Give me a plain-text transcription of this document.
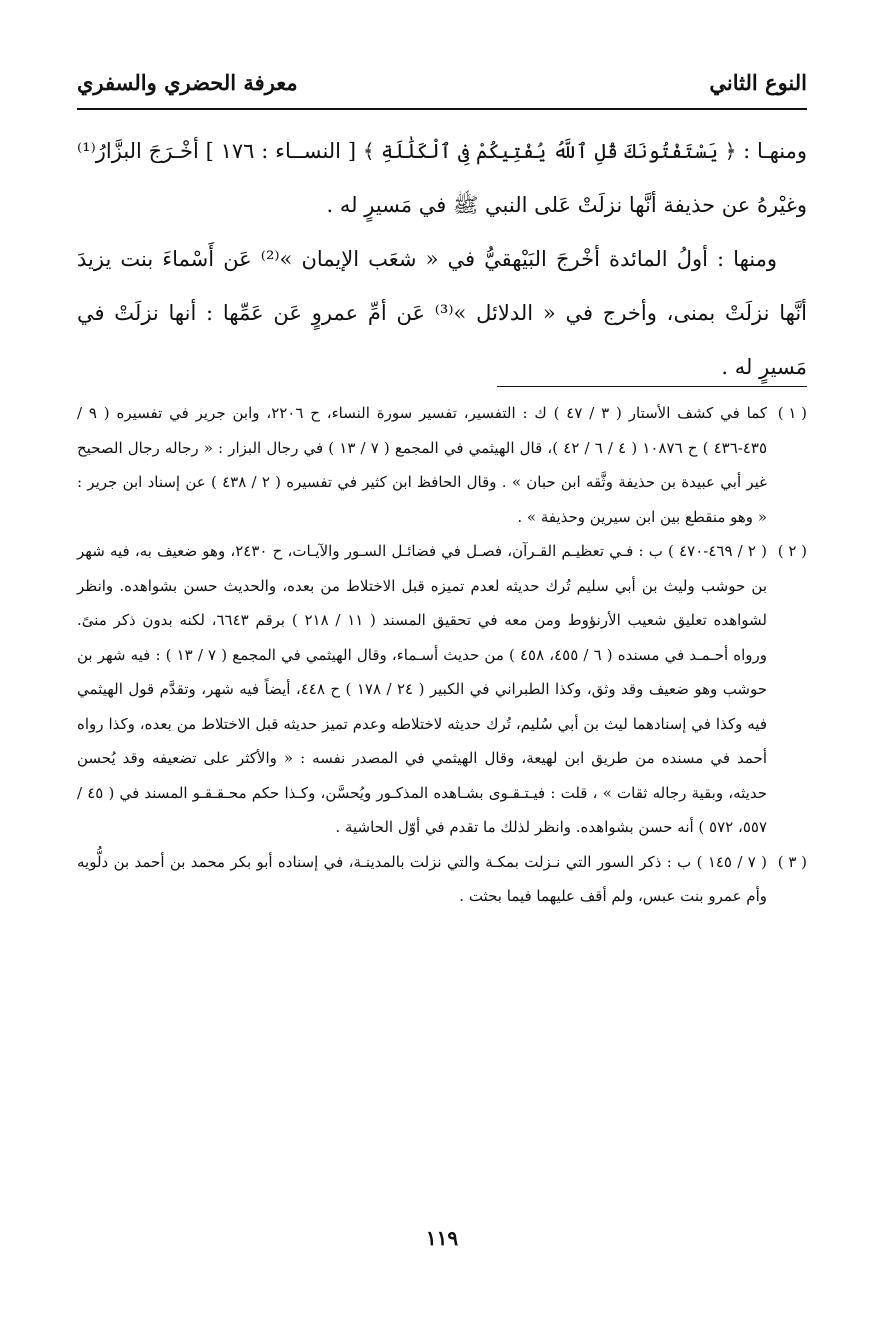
النوع الثاني
معرفة الحضري والسفري

ومنهـا : ﴿ يَسْتَفْتُونَكَ قُلِ ٱللَّهُ يُفْتِيكُمْ فِى ٱلْكَلَٰلَةِ ﴾ [ النســاء : ١٧٦ ] أخْـرَجَ البزَّارُ⁽¹⁾ وغيْرهُ عن حذيفة أنَّها نزلَتْ عَلى النبي ﷺ في مَسيرٍ له .

ومنها : أولُ المائدة أخْرجَ البَيْهقيُّ في « شعَب الإيمان »⁽²⁾ عَن أَسْماءَ بنت يزيدَ أنَّها نزلَتْ بمنى، وأخرج في « الدلائل »⁽³⁾ عَن أمِّ عمروٍ عَن عَمِّها : أنها نزلَتْ في مَسيرٍ له .

( ١ )
كما في كشف الأستار ( ٣ / ٤٧ ) ك : التفسير، تفسير سورة النساء، ح ٢٢٠٦، وابن جرير في تفسيره ( ٩ / ٤٣٥-٤٣٦ ) ح ١٠٨٧٦ ( ٤ / ٦ / ٤٢ )، قال الهيثمي في المجمع ( ٧ / ١٣ ) في رجال البزار : « رجاله رجال الصحيح غير أبي عبيدة بن حذيفة وثَّقه ابن حبان » . وقال الحافظ ابن كثير في تفسيره ( ٢ / ٤٣٨ ) عن إسناد ابن جرير : « وهو منقطع بين ابن سيرين وحذيفة » .

( ٢ )
( ٢ / ٤٦٩-٤٧٠ ) ب : فـي تعظيـم القـرآن، فصـل في فضائـل السـور والآيـات، ح ٢٤٣٠، وهو ضعيف به، فيه شهر بن حوشب وليث بن أبي سليم تُرك حديثه لعدم تميزه قبل الاختلاط من بعده، والحديث حسن بشواهده. وانظر لشواهده تعليق شعيب الأرنؤوط ومن معه في تحقيق المسند ( ١١ / ٢١٨ ) برقم ٦٦٤٣، لكنه بدون ذكر منىً. ورواه أحـمـد في مسنده ( ٦ / ٤٥٥، ٤٥٨ ) من حديث أسـماء، وقال الهيثمي في المجمع ( ٧ / ١٣ ) : فيه شهر بن حوشب وهو ضعيف وقد وثق، وكذا الطبراني في الكبير ( ٢٤ / ١٧٨ ) ح ٤٤٨، أيضاً فيه شهر، وتقدَّم قول الهيثمي فيه وكذا في إسنادهما ليث بن أبي سُليم، تُرك حديثه لاختلاطه وعدم تميز حديثه قبل الاختلاط من بعده، وكذا رواه أحمد في مسنده من طريق ابن لهيعة، وقال الهيثمي في المصدر نفسه : « والأكثر على تضعيفه وقد يُحسن حديثه، وبقية رجاله ثقات » ، قلت : فيـتـقـوى بشـاهده المذكـور ويُحسَّن، وكـذا حكم محـقـقـو المسند في ( ٤٥ / ٥٥٧، ٥٧٢ ) أنه حسن بشواهده. وانظر لذلك ما تقدم في أوّل الحاشية .

( ٣ )
( ٧ / ١٤٥ ) ب : ذكر السور التي نـزلت بمكـة والتي نزلت بالمدينـة، في إسناده أبو بكر محمد بن أحمد بن دلُّويه وأم عمرو بنت عبس، ولم أقف عليهما فيما بحثت .

١١٩
